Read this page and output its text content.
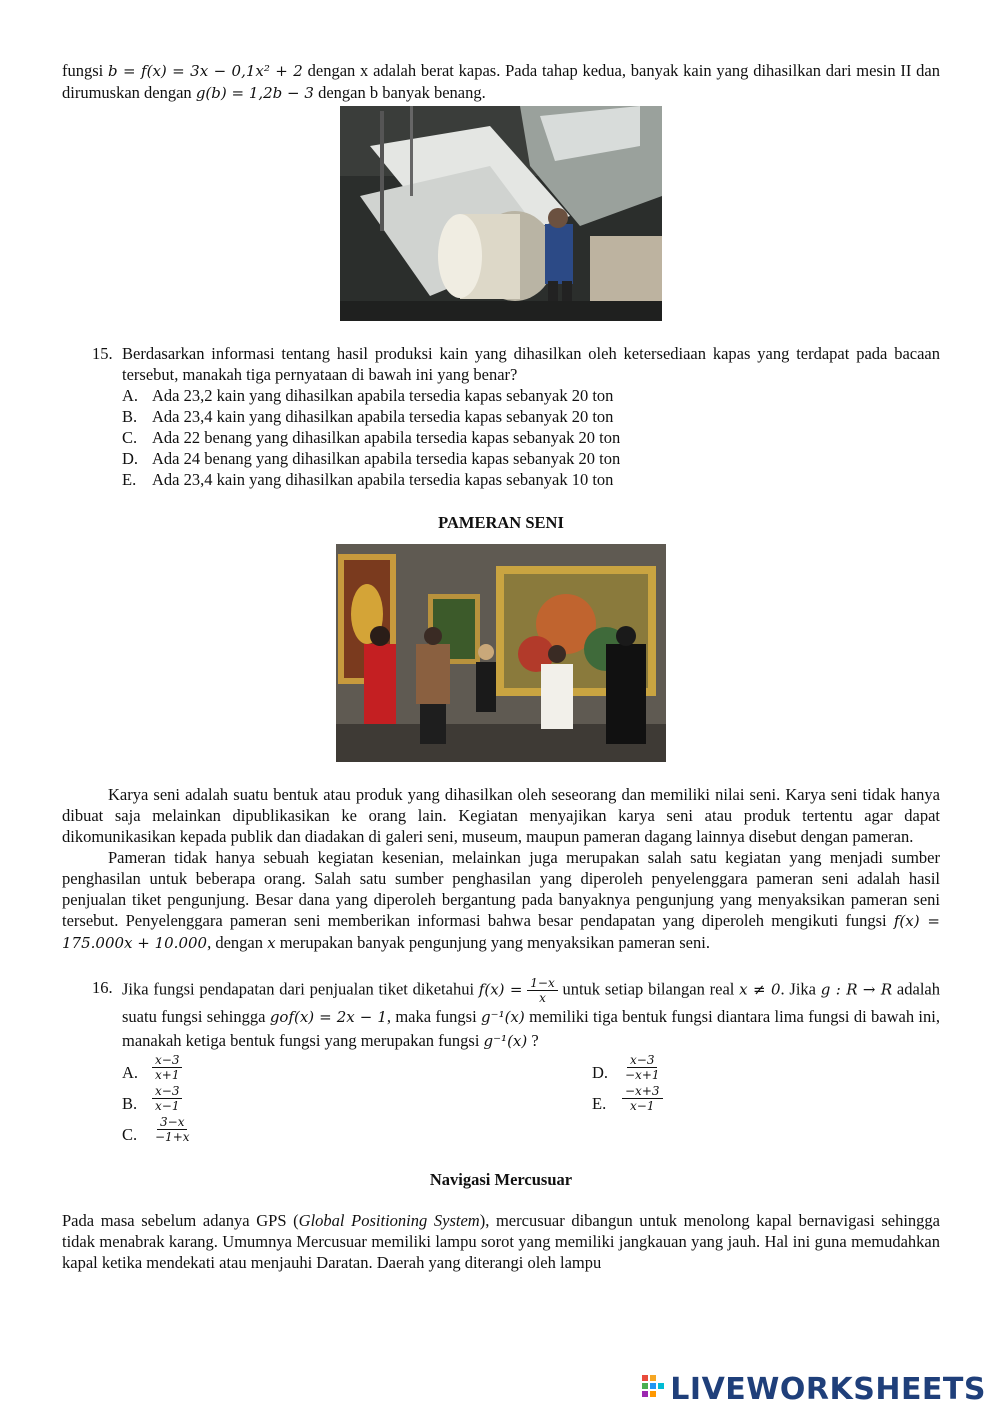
fungsi b = f(x) = 3x − 0,1x² + 2 dengan x adalah berat kapas. Pada tahap kedua, banyak kain yang dihasilkan dari mesin II dan dirumuskan dengan g(b) = 1,2b − 3 dengan b banyak benang.

15. Berdasarkan informasi tentang hasil produksi kain yang dihasilkan oleh ketersediaan kapas yang terdapat pada bacaan tersebut, manakah tiga pernyataan di bawah ini yang benar?

A. Ada 23,2 kain yang dihasilkan apabila tersedia kapas sebanyak 20 ton
B. Ada 23,4 kain yang dihasilkan apabila tersedia kapas sebanyak 20 ton
C. Ada 22 benang yang dihasilkan apabila tersedia kapas sebanyak 20 ton
D. Ada 24 benang yang dihasilkan apabila tersedia kapas sebanyak 20 ton
E. Ada 23,4 kain yang dihasilkan apabila tersedia kapas sebanyak 10 ton

PAMERAN SENI

Karya seni adalah suatu bentuk atau produk yang dihasilkan oleh seseorang dan memiliki nilai seni. Karya seni tidak hanya dibuat saja melainkan dipublikasikan ke orang lain. Kegiatan menyajikan karya seni atau produk tertentu agar dapat dikomunikasikan kepada publik dan diadakan di galeri seni, museum, maupun pameran dagang lainnya disebut dengan pameran.

Pameran tidak hanya sebuah kegiatan kesenian, melainkan juga merupakan salah satu kegiatan yang menjadi sumber penghasilan untuk beberapa orang. Salah satu sumber penghasilan yang diperoleh penyelenggara pameran seni adalah hasil penjualan tiket pengunjung. Besar dana yang diperoleh bergantung pada banyaknya pengunjung yang menyaksikan pameran seni tersebut. Penyelenggara pameran seni memberikan informasi bahwa besar pendapatan yang diperoleh mengikuti fungsi f(x) = 175.000x + 10.000, dengan x merupakan banyak pengunjung yang menyaksikan pameran seni.

16. Jika fungsi pendapatan dari penjualan tiket diketahui $f(x) = \frac{1-x}{x}$ untuk setiap bilangan real x ≠ 0. Jika g : R → R adalah suatu fungsi sehingga gof(x) = 2x − 1, maka fungsi g⁻¹(x) memiliki tiga bentuk fungsi diantara lima fungsi di bawah ini, manakah ketiga bentuk fungsi yang merupakan fungsi g⁻¹(x) ?

A. $\frac{x-3}{x+1}$
B. $\frac{x-3}{x-1}$
C. $\frac{3-x}{-1+x}$
D. $\frac{x-3}{-x+1}$
E. $\frac{-x+3}{x-1}$

Navigasi Mercusuar

Pada masa sebelum adanya GPS (Global Positioning System), mercusuar dibangun untuk menolong kapal bernavigasi sehingga tidak menabrak karang. Umumnya Mercusuar memiliki lampu sorot yang memiliki jangkauan yang jauh. Hal ini guna memudahkan kapal ketika mendekati atau menjauhi Daratan. Daerah yang diterangi oleh lampu

LIVEWORKSHEETS
